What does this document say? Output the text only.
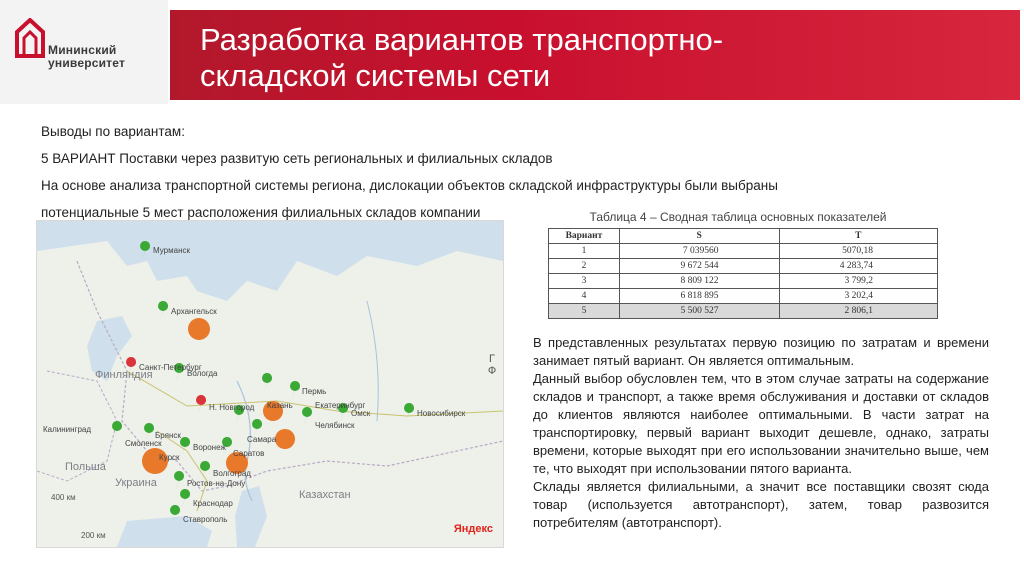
Мининский
университет
Разработка вариантов транспортно-
складской системы сети
Выводы по вариантам:
5 ВАРИАНТ Поставки через развитую сеть региональных и филиальных складов
На основе анализа транспортной системы региона, дислокации объектов складской инфраструктуры были выбраны
потенциальные 5 мест расположения филиальных складов компании
Финляндия
Польша
Украина
Казахстан
Мурманск
Архангельск
Санкт-Петербург
Вологда
Пермь
Екатеринбург
Казань
Челябинск
Омск	Новосибирск
Н. Новгород
Калининград
Брянск
Воронеж
Самара
Саратов
Волгоград
Ростов-на-Дону
Краснодар
Ставрополь
Смоленск
Курск
400 км
200 км
Г Ф
Яндекс
Таблица 4 – Сводная таблица основных показателей
Вариант	S	T
1	7 039560	5070,18
2	9 672 544	4 283,74
3	8 809 122	3 799,2
4	6 818 895	3 202,4
5	5 500 527	2 806,1

В представленных результатах первую позицию по затратам и времени занимает пятый вариант. Он является оптимальным.

Данный выбор обусловлен тем, что в этом случае затраты на содержание складов и транспорт, а также время обслуживания и доставки от складов до клиентов являются наиболее оптимальными. В части затрат на транспортировку, первый вариант выходит дешевле, однако, затраты времени, которые выходят при его использовании значительно выше, чем те, что выходят при использовании пятого варианта.

Склады является филиальными, а значит все поставщики свозят сюда товар (используется автотранспорт), затем, товар развозится потребителям (автотранспорт).
